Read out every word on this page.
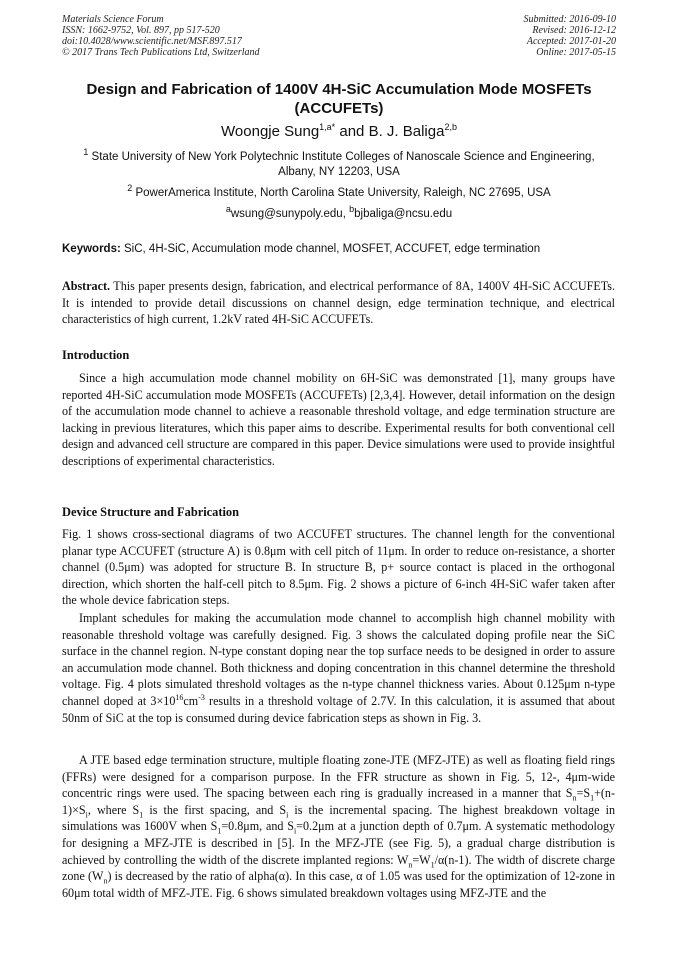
Materials Science Forum
ISSN: 1662-9752, Vol. 897, pp 517-520
doi:10.4028/www.scientific.net/MSF.897.517
© 2017 Trans Tech Publications Ltd, Switzerland
Submitted: 2016-09-10
Revised: 2016-12-12
Accepted: 2017-01-20
Online: 2017-05-15
Design and Fabrication of 1400V 4H-SiC Accumulation Mode MOSFETs (ACCUFETs)
Woongje Sung$^{1,a*}$ and B. J. Baliga$^{2,b}$
$^1$ State University of New York Polytechnic Institute Colleges of Nanoscale Science and Engineering, Albany, NY 12203, USA
$^2$ PowerAmerica Institute, North Carolina State University, Raleigh, NC 27695, USA
$^a$wsung@sunypoly.edu, $^b$bjbaliga@ncsu.edu
Keywords: SiC, 4H-SiC, Accumulation mode channel, MOSFET, ACCUFET, edge termination
Abstract. This paper presents design, fabrication, and electrical performance of 8A, 1400V 4H-SiC ACCUFETs. It is intended to provide detail discussions on channel design, edge termination technique, and electrical characteristics of high current, 1.2kV rated 4H-SiC ACCUFETs.
Introduction
Since a high accumulation mode channel mobility on 6H-SiC was demonstrated [1], many groups have reported 4H-SiC accumulation mode MOSFETs (ACCUFETs) [2,3,4]. However, detail information on the design of the accumulation mode channel to achieve a reasonable threshold voltage, and edge termination structure are lacking in previous literatures, which this paper aims to describe. Experimental results for both conventional cell design and advanced cell structure are compared in this paper. Device simulations were used to provide insightful descriptions of experimental characteristics.
Device Structure and Fabrication
Fig. 1 shows cross-sectional diagrams of two ACCUFET structures. The channel length for the conventional planar type ACCUFET (structure A) is 0.8μm with cell pitch of 11μm. In order to reduce on-resistance, a shorter channel (0.5μm) was adopted for structure B. In structure B, p+ source contact is placed in the orthogonal direction, which shorten the half-cell pitch to 8.5μm. Fig. 2 shows a picture of 6-inch 4H-SiC wafer taken after the whole device fabrication steps.
Implant schedules for making the accumulation mode channel to accomplish high channel mobility with reasonable threshold voltage was carefully designed. Fig. 3 shows the calculated doping profile near the SiC surface in the channel region. N-type constant doping near the top surface needs to be designed in order to assure an accumulation mode channel. Both thickness and doping concentration in this channel determine the threshold voltage. Fig. 4 plots simulated threshold voltages as the n-type channel thickness varies. About 0.125μm n-type channel doped at $3\times 10^{16}cm^{-3}$ results in a threshold voltage of 2.7V. In this calculation, it is assumed that about 50nm of SiC at the top is consumed during device fabrication steps as shown in Fig. 3.
A JTE based edge termination structure, multiple floating zone-JTE (MFZ-JTE) as well as floating field rings (FFRs) were designed for a comparison purpose. In the FFR structure as shown in Fig. 5, 12-, 4μm-wide concentric rings were used. The spacing between each ring is gradually increased in a manner that $S_n=S_1+(n-1)\times S_i$, where $S_1$ is the first spacing, and $S_i$ is the incremental spacing. The highest breakdown voltage in simulations was 1600V when $S_1=0.8\mu m$, and $S_i=0.2\mu m$ at a junction depth of 0.7μm. A systematic methodology for designing a MFZ-JTE is described in [5]. In the MFZ-JTE (see Fig. 5), a gradual charge distribution is achieved by controlling the width of the discrete implanted regions: $W_n=W_1/\alpha(n-1)$. The width of discrete charge zone $(W_n)$ is decreased by the ratio of alpha(α). In this case, α of 1.05 was used for the optimization of 12-zone in 60μm total width of MFZ-JTE. Fig. 6 shows simulated breakdown voltages using MFZ-JTE and the
